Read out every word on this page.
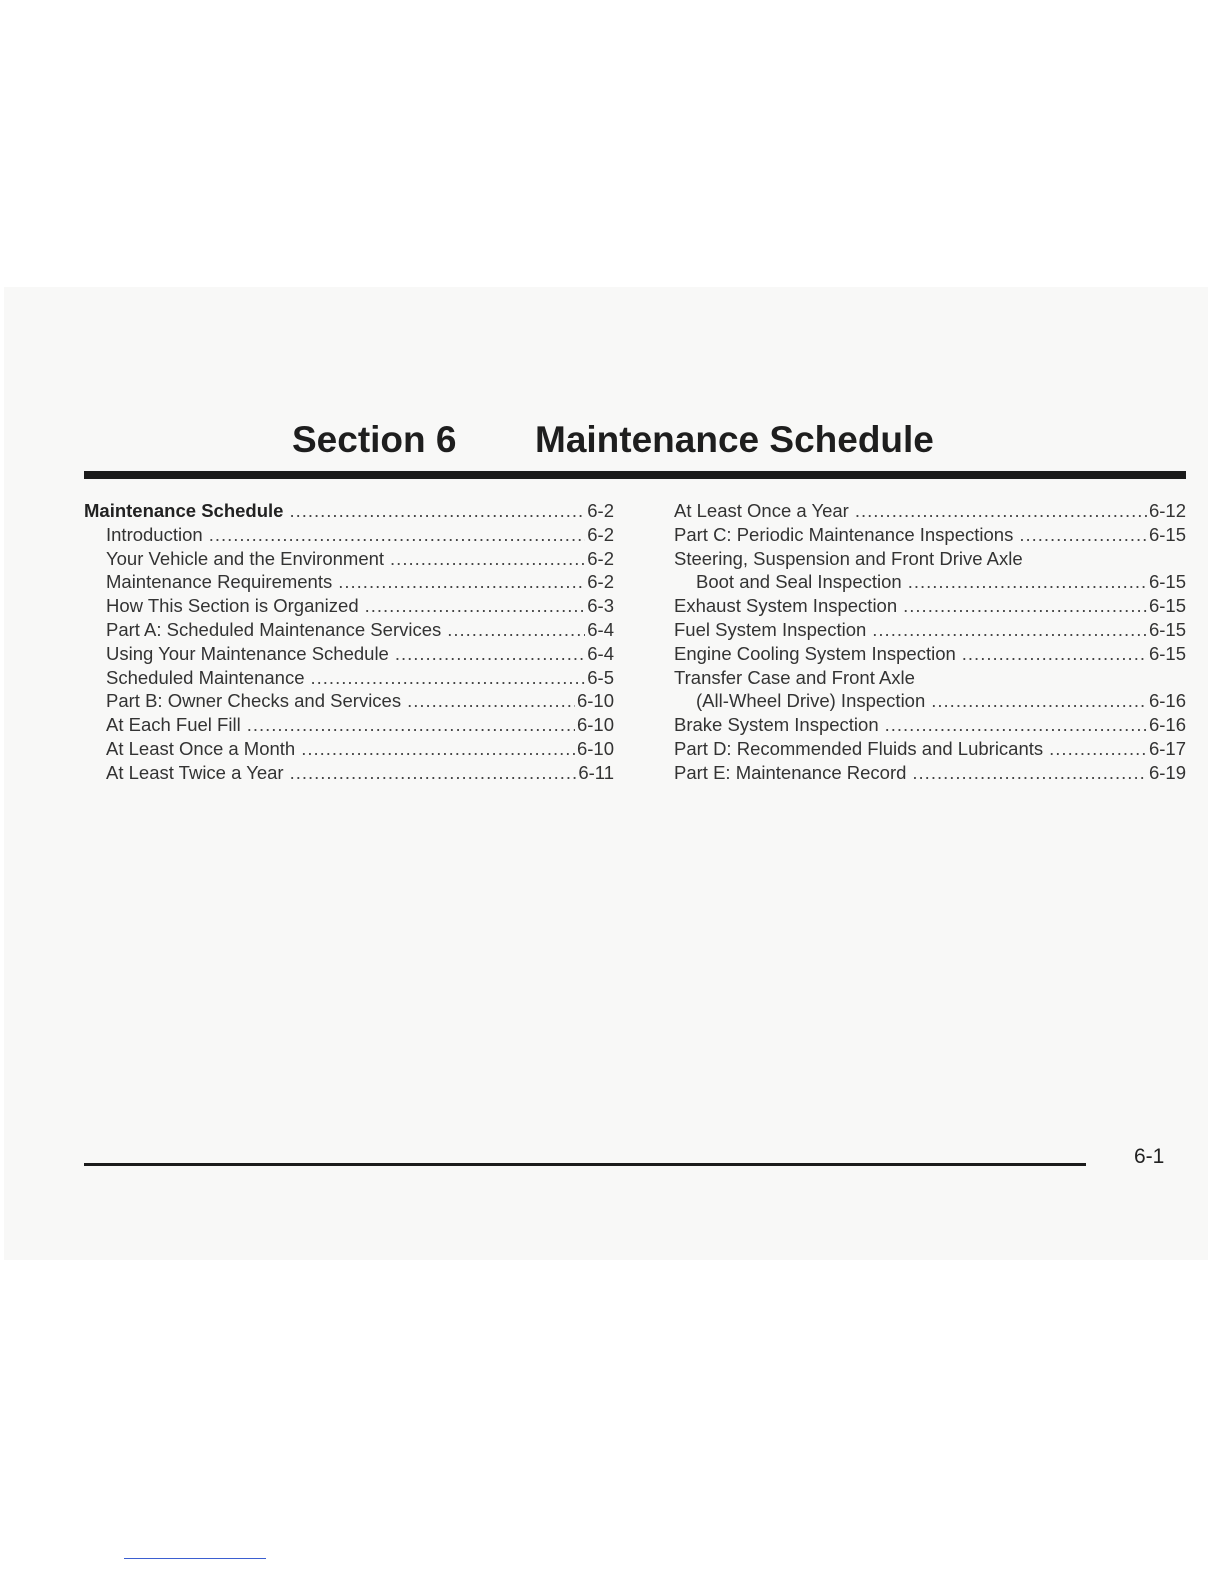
Section 6 Maintenance Schedule
Maintenance Schedule .....	6-2
Introduction .....	6-2
Your Vehicle and the Environment .....	6-2
Maintenance Requirements .....	6-2
How This Section is Organized .....	6-3
Part A: Scheduled Maintenance Services .....	6-4
Using Your Maintenance Schedule .....	6-4
Scheduled Maintenance .....	6-5
Part B: Owner Checks and Services .....	6-10
At Each Fuel Fill .....	6-10
At Least Once a Month .....	6-10
At Least Twice a Year .....	6-11
At Least Once a Year .....	6-12
Part C: Periodic Maintenance Inspections .....	6-15
Steering, Suspension and Front Drive Axle
Boot and Seal Inspection .....	6-15
Exhaust System Inspection .....	6-15
Fuel System Inspection .....	6-15
Engine Cooling System Inspection .....	6-15
Transfer Case and Front Axle
(All-Wheel Drive) Inspection .....	6-16
Brake System Inspection .....	6-16
Part D: Recommended Fluids and Lubricants .....	6-17
Part E: Maintenance Record .....	6-19
6-1
